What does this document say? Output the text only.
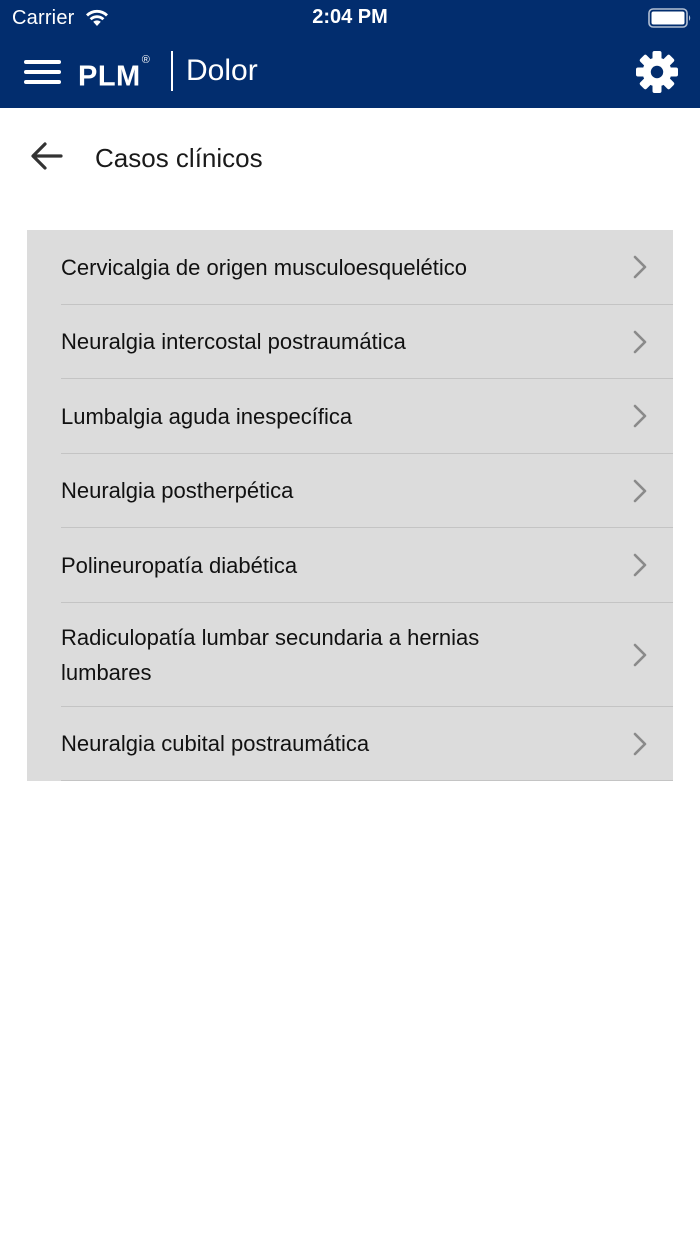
Carrier	2:04 PM
PLM® Dolor
Casos clínicos
Cervicalgia de origen musculoesquelético
Neuralgia intercostal postraumática
Lumbalgia aguda inespecífica
Neuralgia postherpética
Polineuropatía diabética
Radiculopatía lumbar secundaria a hernias lumbares
Neuralgia cubital postraumática
